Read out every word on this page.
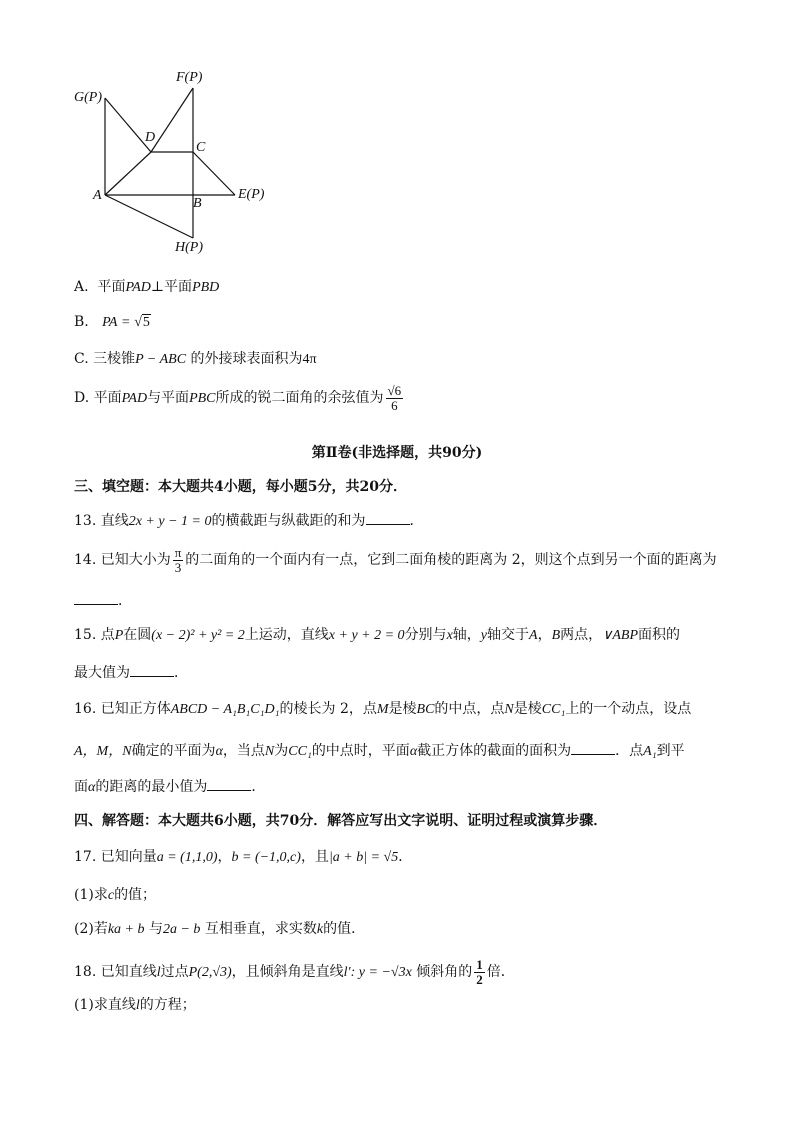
G(P)
F(P)
D
C
A
B
E(P)
H(P)
A. 平面PAD⊥平面PBD
B. PA = √5
C. 三棱锥P − ABC 的外接球表面积为4π
D. 平面PAD与平面PBC所成的锐二面角的余弦值为 $\frac{√6}{6}$
第Ⅱ卷(非选择题，共90分)
三、填空题：本大题共4小题，每小题5分，共20分．
13. 直线2x + y − 1 = 0的横截距与纵截距的和为	．
14. 已知大小为 $\frac{\pi}{3}$ 的二面角的一个面内有一点，它到二面角棱的距离为 2，则这个点到另一个面的距离为
．
15. 点P在圆(x − 2)² + y² = 2上运动，直线x + y + 2 = 0分别与x轴，y轴交于A，B两点，∨ABP面积的
最大值为	．
16. 已知正方体ABCD − A₁B₁C₁D₁的棱长为 2，点M是棱BC的中点，点N是棱CC₁上的一个动点，设点
A，M，N确定的平面为α，当点N为CC₁的中点时，平面α截正方体的截面的面积为	．点A₁到平
面α的距离的最小值为	．
四、解答题：本大题共6小题，共70分．解答应写出文字说明、证明过程或演算步骤．
17. 已知向量a = (1,1,0)，b = (−1,0,c)，且|a + b| = √5．
(1)求c的值；
(2)若ka + b 与2a − b 互相垂直，求实数k的值．
18. 已知直线l过点P(2,√3)，且倾斜角是直线l′: y = −√3x 倾斜角的 $\frac{1}{2}$ 倍．
(1)求直线l的方程；
